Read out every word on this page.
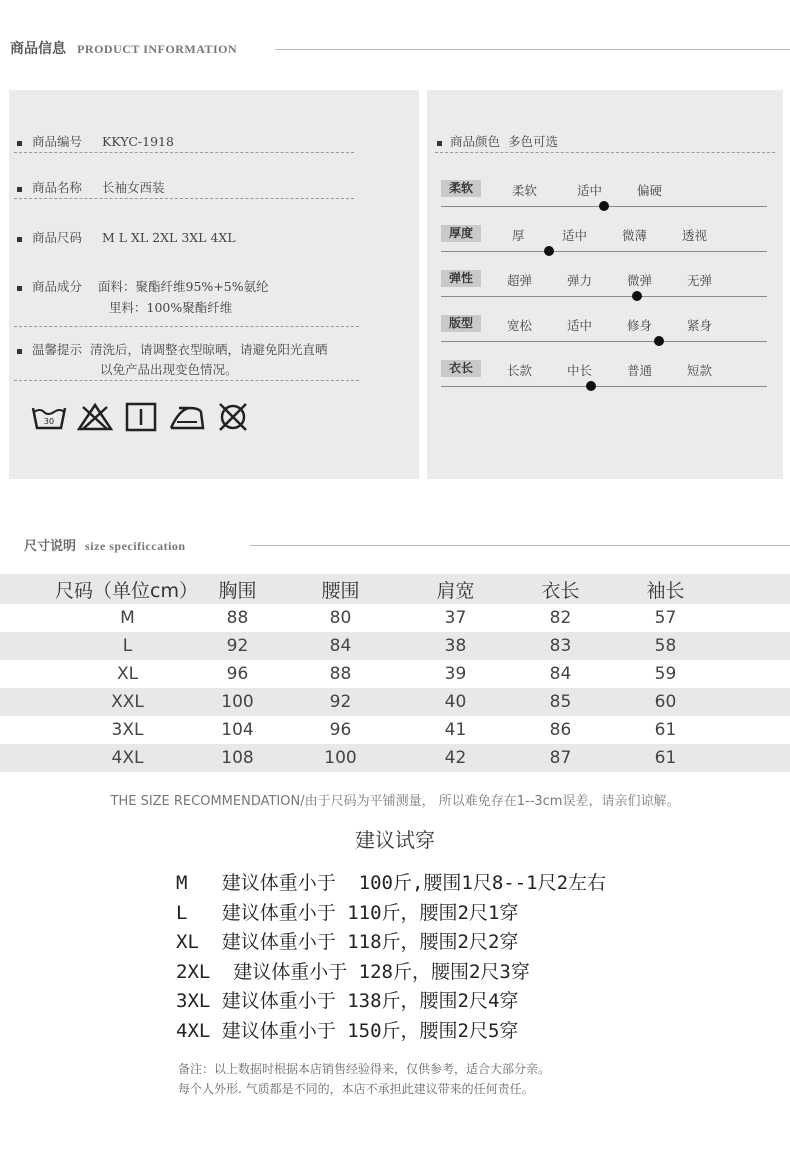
商品信息 PRODUCT INFORMATION
商品编号 KKYC-1918
商品名称 长袖女西装
商品尺码 M L XL 2XL 3XL 4XL
商品成分 面料：聚酯纤维95%+5%氨纶
里料：100%聚酯纤维
温馨提示 清洗后，请调整衣型晾晒，请避免阳光直晒
以免产品出现变色情况。
30
商品颜色 多色可选
柔软	柔软	适中	偏硬
厚度	厚	适中	微薄	透视
弹性	超弹	弹力	微弹	无弹
版型	宽松	适中	修身	紧身
衣长	长款	中长	普通	短款
尺寸说明 size specificcation
尺码（单位cm）	胸围	腰围	肩宽	衣长	袖长
M	88	80	37	82	57
L	92	84	38	83	58
XL	96	88	39	84	59
XXL	100	92	40	85	60
3XL	104	96	41	86	61
4XL	108	100	42	87	61
THE SIZE RECOMMENDATION/由于尺码为平铺测量， 所以难免存在1--3cm误差，请亲们谅解。
建议试穿
M   建议体重小于  100斤,腰围1尺8--1尺2左右
L   建议体重小于 110斤，腰围2尺1穿
XL  建议体重小于 118斤，腰围2尺2穿
2XL  建议体重小于 128斤，腰围2尺3穿
3XL 建议体重小于 138斤，腰围2尺4穿
4XL 建议体重小于 150斤，腰围2尺5穿
备注：以上数据时根据本店销售经验得来，仅供参考，适合大部分亲。
每个人外形. 气质都是不同的，本店不承担此建议带来的任何责任。
